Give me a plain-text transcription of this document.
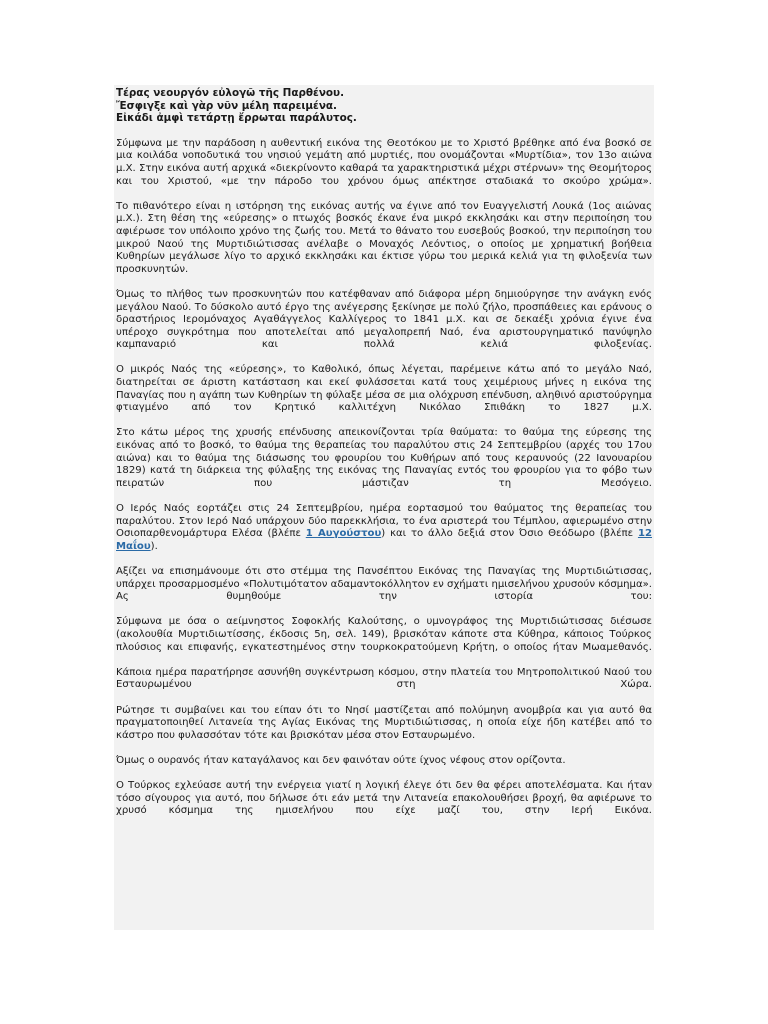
Τέρας νεουργόν εὐλογῶ τῆς Παρθένου.
Ἔσφιγξε καὶ γὰρ νῦν μέλη παρειμένα.
Εἰκάδι ἀμφὶ τετάρτῃ ἔρρωται παράλυτος.

Σύμφωνα με την παράδοση η αυθεντική εικόνα της Θεοτόκου με το Χριστό βρέθηκε από ένα βοσκό σε μια κοιλάδα νοποδυτικά του νησιού γεμάτη από μυρτιές, που ονομάζονται «Μυρτίδια», τον 13ο αιώνα μ.Χ. Στην εικόνα αυτή αρχικά «διεκρίνοντο καθαρά τα χαρακτηριστικά μέχρι στέρνων» της Θεομήτορος και του Χριστού, «με την πάροδο του χρόνου όμως απέκτησε σταδιακά το σκούρο χρώμα».

Το πιθανότερο είναι η ιστόρηση της εικόνας αυτής να έγινε από τον Ευαγγελιστή Λουκά (1ος αιώνας μ.Χ.). Στη θέση της «εύρεσης» ο πτωχός βοσκός έκανε ένα μικρό εκκλησάκι και στην περιποίηση του αφιέρωσε τον υπόλοιπο χρόνο της ζωής του. Μετά το θάνατο του ευσεβούς βοσκού, την περιποίηση του μικρού Ναού της Μυρτιδιώτισσας ανέλαβε ο Μοναχός Λεόντιος, ο οποίος με χρηματική βοήθεια Κυθηρίων μεγάλωσε λίγο το αρχικό εκκλησάκι και έκτισε γύρω του μερικά κελιά για τη φιλοξενία των προσκυνητών.

Όμως το πλήθος των προσκυνητών που κατέφθαναν από διάφορα μέρη δημιούργησε την ανάγκη ενός μεγάλου Ναού. Το δύσκολο αυτό έργο της ανέγερσης ξεκίνησε με πολύ ζήλο, προσπάθειες και εράνους ο δραστήριος Ιερομόναχος Αγαθάγγελος Καλλίγερος το 1841 μ.Χ. και σε δεκαέξι χρόνια έγινε ένα υπέροχο συγκρότημα που αποτελείται από μεγαλοπρεπή Ναό, ένα αριστουργηματικό πανύψηλο καμπαναριό και πολλά κελιά φιλοξενίας.

Ο μικρός Ναός της «εύρεσης», το Καθολικό, όπως λέγεται, παρέμεινε κάτω από το μεγάλο Ναό, διατηρείται σε άριστη κατάσταση και εκεί φυλάσσεται κατά τους χειμέριους μήνες η εικόνα της Παναγίας που η αγάπη των Κυθηρίων τη φύλαξε μέσα σε μια ολόχρυση επένδυση, αληθινό αριστούργημα φτιαγμένο από τον Κρητικό καλλιτέχνη Νικόλαο Σπιθάκη το 1827 μ.Χ.

Στο κάτω μέρος της χρυσής επένδυσης απεικονίζονται τρία θαύματα: το θαύμα της εύρεσης της εικόνας από το βοσκό, το θαύμα της θεραπείας του παραλύτου στις 24 Σεπτεμβρίου (αρχές του 17ου αιώνα) και το θαύμα της διάσωσης του φρουρίου του Κυθήρων από τους κεραυνούς (22 Ιανουαρίου 1829) κατά τη διάρκεια της φύλαξης της εικόνας της Παναγίας εντός του φρουρίου για το φόβο των πειρατών που μάστιζαν τη Μεσόγειο.

Ο Ιερός Ναός εορτάζει στις 24 Σεπτεμβρίου, ημέρα εορτασμού του θαύματος της θεραπείας του παραλύτου. Στον Ιερό Ναό υπάρχουν δύο παρεκκλήσια, το ένα αριστερά του Τέμπλου, αφιερωμένο στην Οσιοπαρθενομάρτυρα Ελέσα (βλέπε 1 Αυγούστου) και το άλλο δεξιά στον Όσιο Θεόδωρο (βλέπε 12 Μαΐου).

Αξίζει να επισημάνουμε ότι στο στέμμα της Πανσέπτου Εικόνας της Παναγίας της Μυρτιδιώτισσας, υπάρχει προσαρμοσμένο «Πολυτιμότατον αδαμαντοκόλλητον εν σχήματι ημισελήνου χρυσούν κόσμημα». Ας θυμηθούμε την ιστορία του:

Σύμφωνα με όσα ο αείμνηστος Σοφοκλής Καλούτσης, ο υμνογράφος της Μυρτιδιώτισσας διέσωσε (ακολουθία Μυρτιδιωτίσσης, έκδοσις 5η, σελ. 149), βρισκόταν κάποτε στα Κύθηρα, κάποιος Τούρκος πλούσιος και επιφανής, εγκατεστημένος στην τουρκοκρατούμενη Κρήτη, ο οποίος ήταν Μωαμεθανός.

Κάποια ημέρα παρατήρησε ασυνήθη συγκέντρωση κόσμου, στην πλατεία του Μητροπολιτικού Ναού του Εσταυρωμένου στη Χώρα.

Ρώτησε τι συμβαίνει και του είπαν ότι το Νησί μαστίζεται από πολύμηνη ανομβρία και για αυτό θα πραγματοποιηθεί Λιτανεία της Αγίας Εικόνας της Μυρτιδιώτισσας, η οποία είχε ήδη κατέβει από το κάστρο που φυλασσόταν τότε και βρισκόταν μέσα στον Εσταυρωμένο.

Όμως ο ουρανός ήταν καταγάλανος και δεν φαινόταν ούτε ίχνος νέφους στον ορίζοντα.

Ο Τούρκος εχλεύασε αυτή την ενέργεια γιατί η λογική έλεγε ότι δεν θα φέρει αποτελέσματα. Και ήταν τόσο σίγουρος για αυτό, που δήλωσε ότι εάν μετά την Λιτανεία επακολουθήσει βροχή, θα αφιέρωνε το χρυσό κόσμημα της ημισελήνου που είχε μαζί του, στην Ιερή Εικόνα.
